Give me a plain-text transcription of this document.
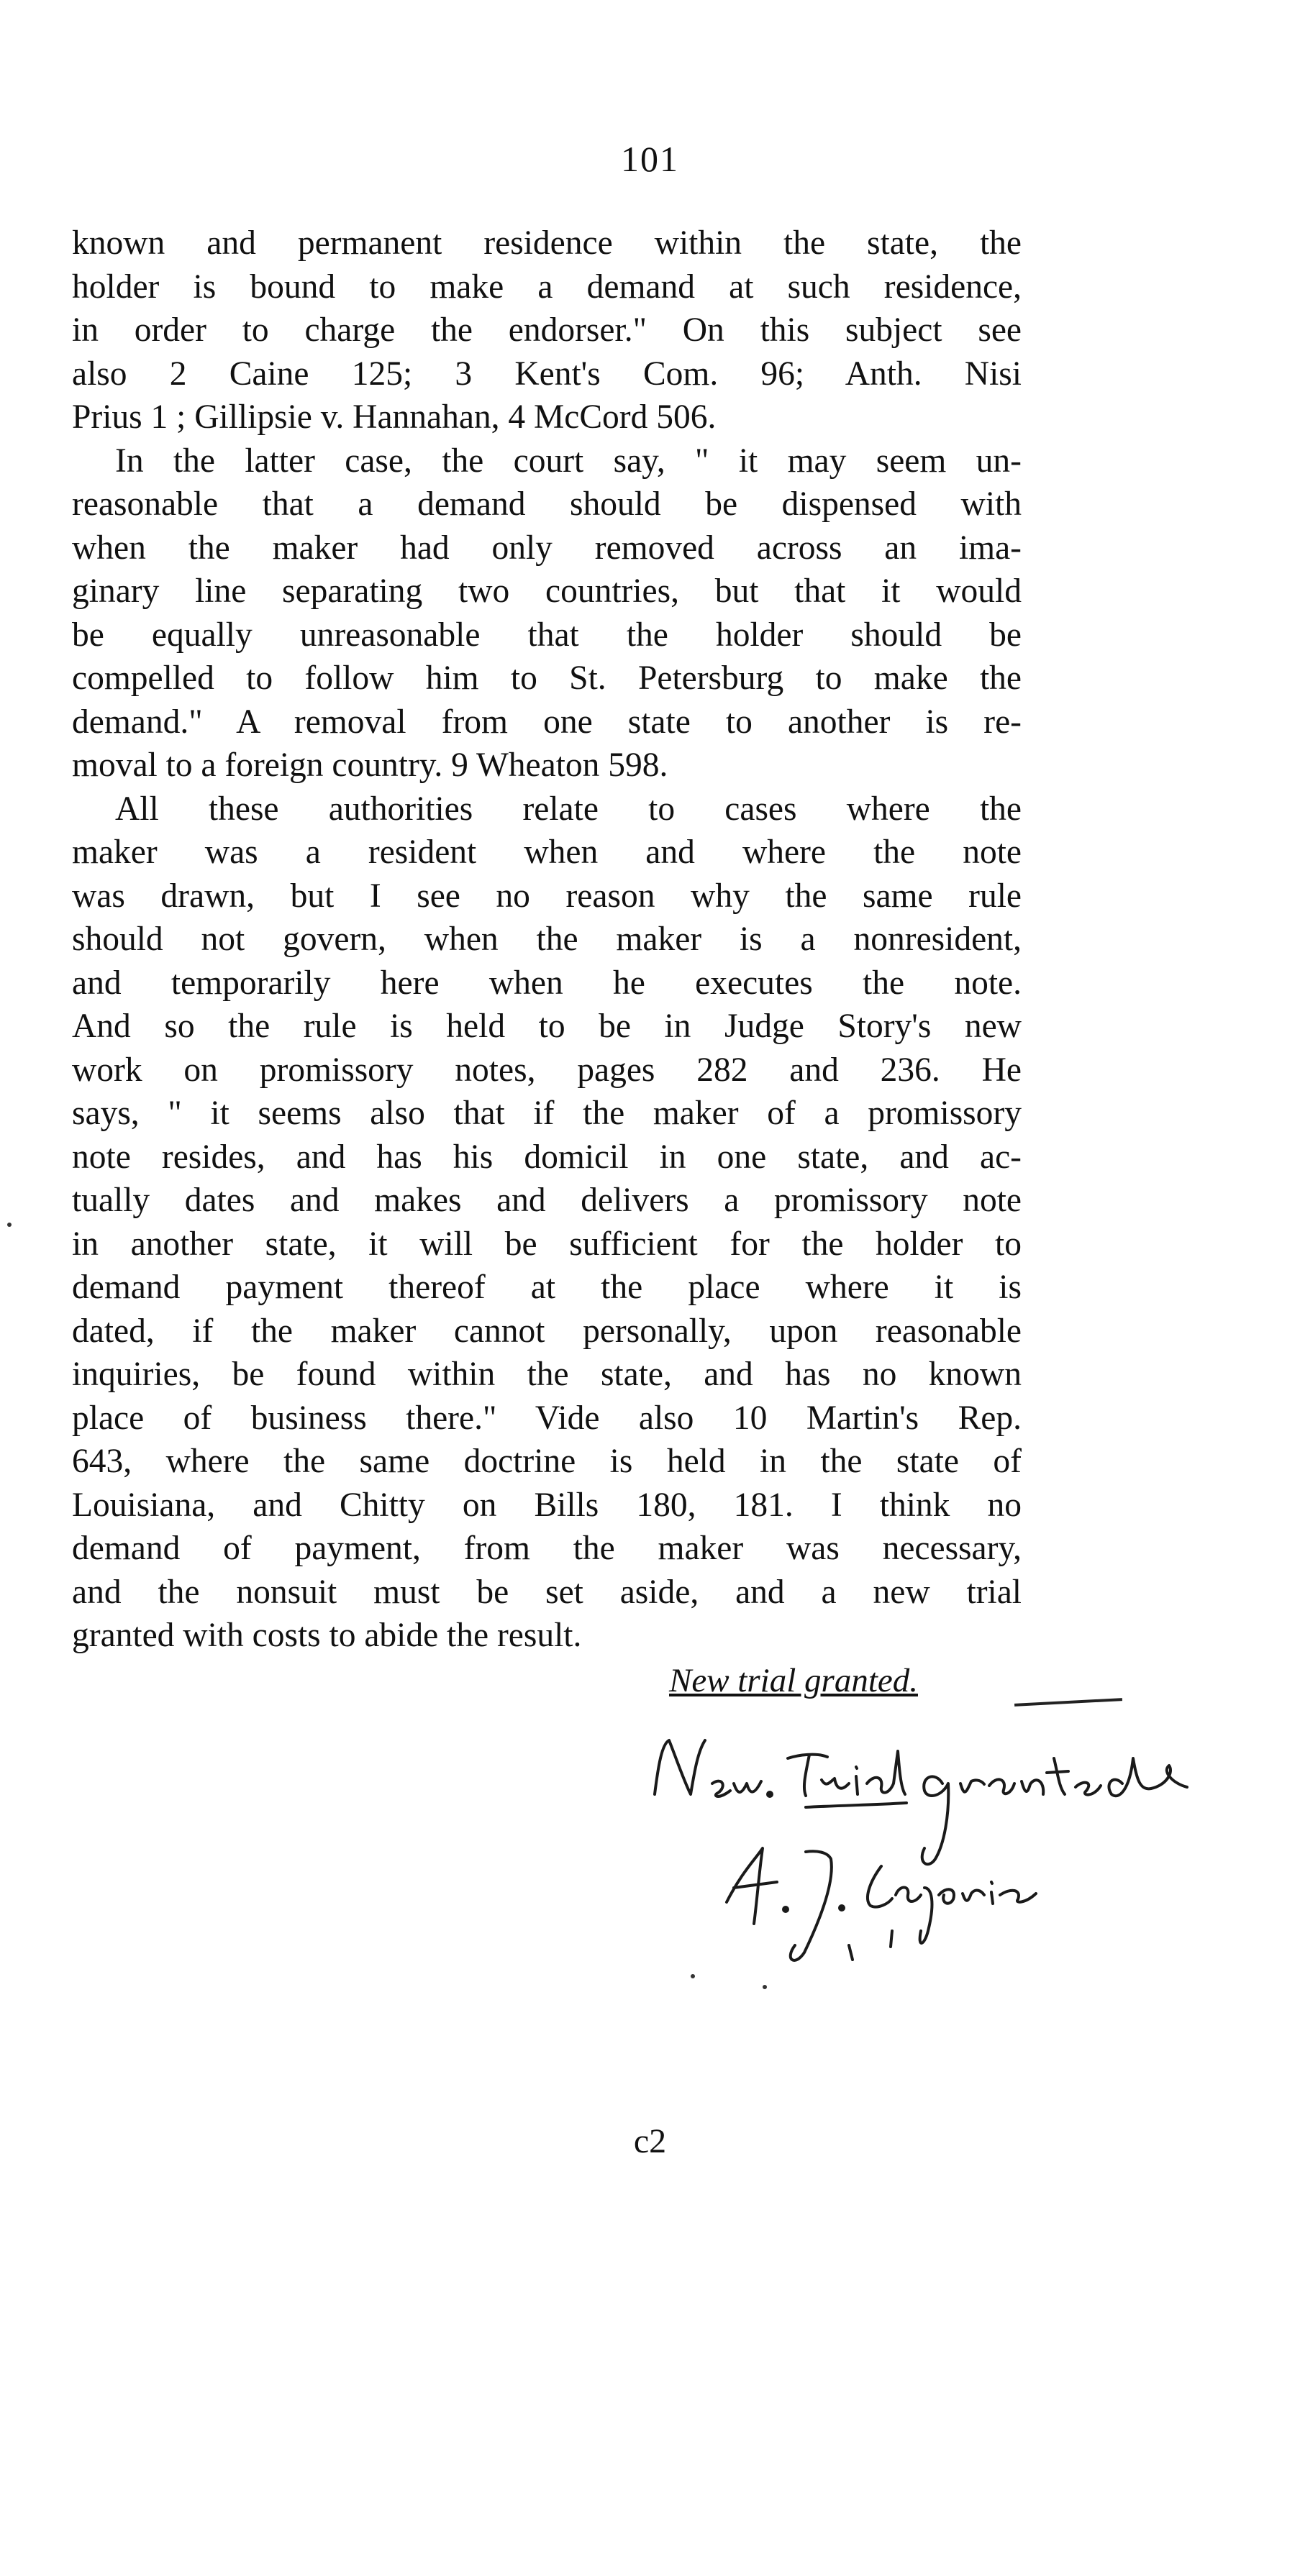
101
known and permanent residence within the state, the
holder is bound to make a demand at such residence,
in order to charge the endorser." On this subject see
also 2 Caine 125; 3 Kent's Com. 96; Anth. Nisi
Prius 1 ; Gillipsie v. Hannahan, 4 McCord 506.
In the latter case, the court say, " it may seem un-
reasonable that a demand should be dispensed with
when the maker had only removed across an ima-
ginary line separating two countries, but that it would
be equally unreasonable that the holder should be
compelled to follow him to St. Petersburg to make the
demand." A removal from one state to another is re-
moval to a foreign country. 9 Wheaton 598.
All these authorities relate to cases where the
maker was a resident when and where the note
was drawn, but I see no reason why the same rule
should not govern, when the maker is a nonresident,
and temporarily here when he executes the note.
And so the rule is held to be in Judge Story's new
work on promissory notes, pages 282 and 236. He
says, " it seems also that if the maker of a promissory
note resides, and has his domicil in one state, and ac-
tually dates and makes and delivers a promissory note
in another state, it will be sufficient for the holder to
demand payment thereof at the place where it is
dated, if the maker cannot personally, upon reasonable
inquiries, be found within the state, and has no known
place of business there." Vide also 10 Martin's Rep.
643, where the same doctrine is held in the state of
Louisiana, and Chitty on Bills 180, 181. I think no
demand of payment, from the maker was necessary,
and the nonsuit must be set aside, and a new trial
granted with costs to abide the result.
New trial granted.
c2
